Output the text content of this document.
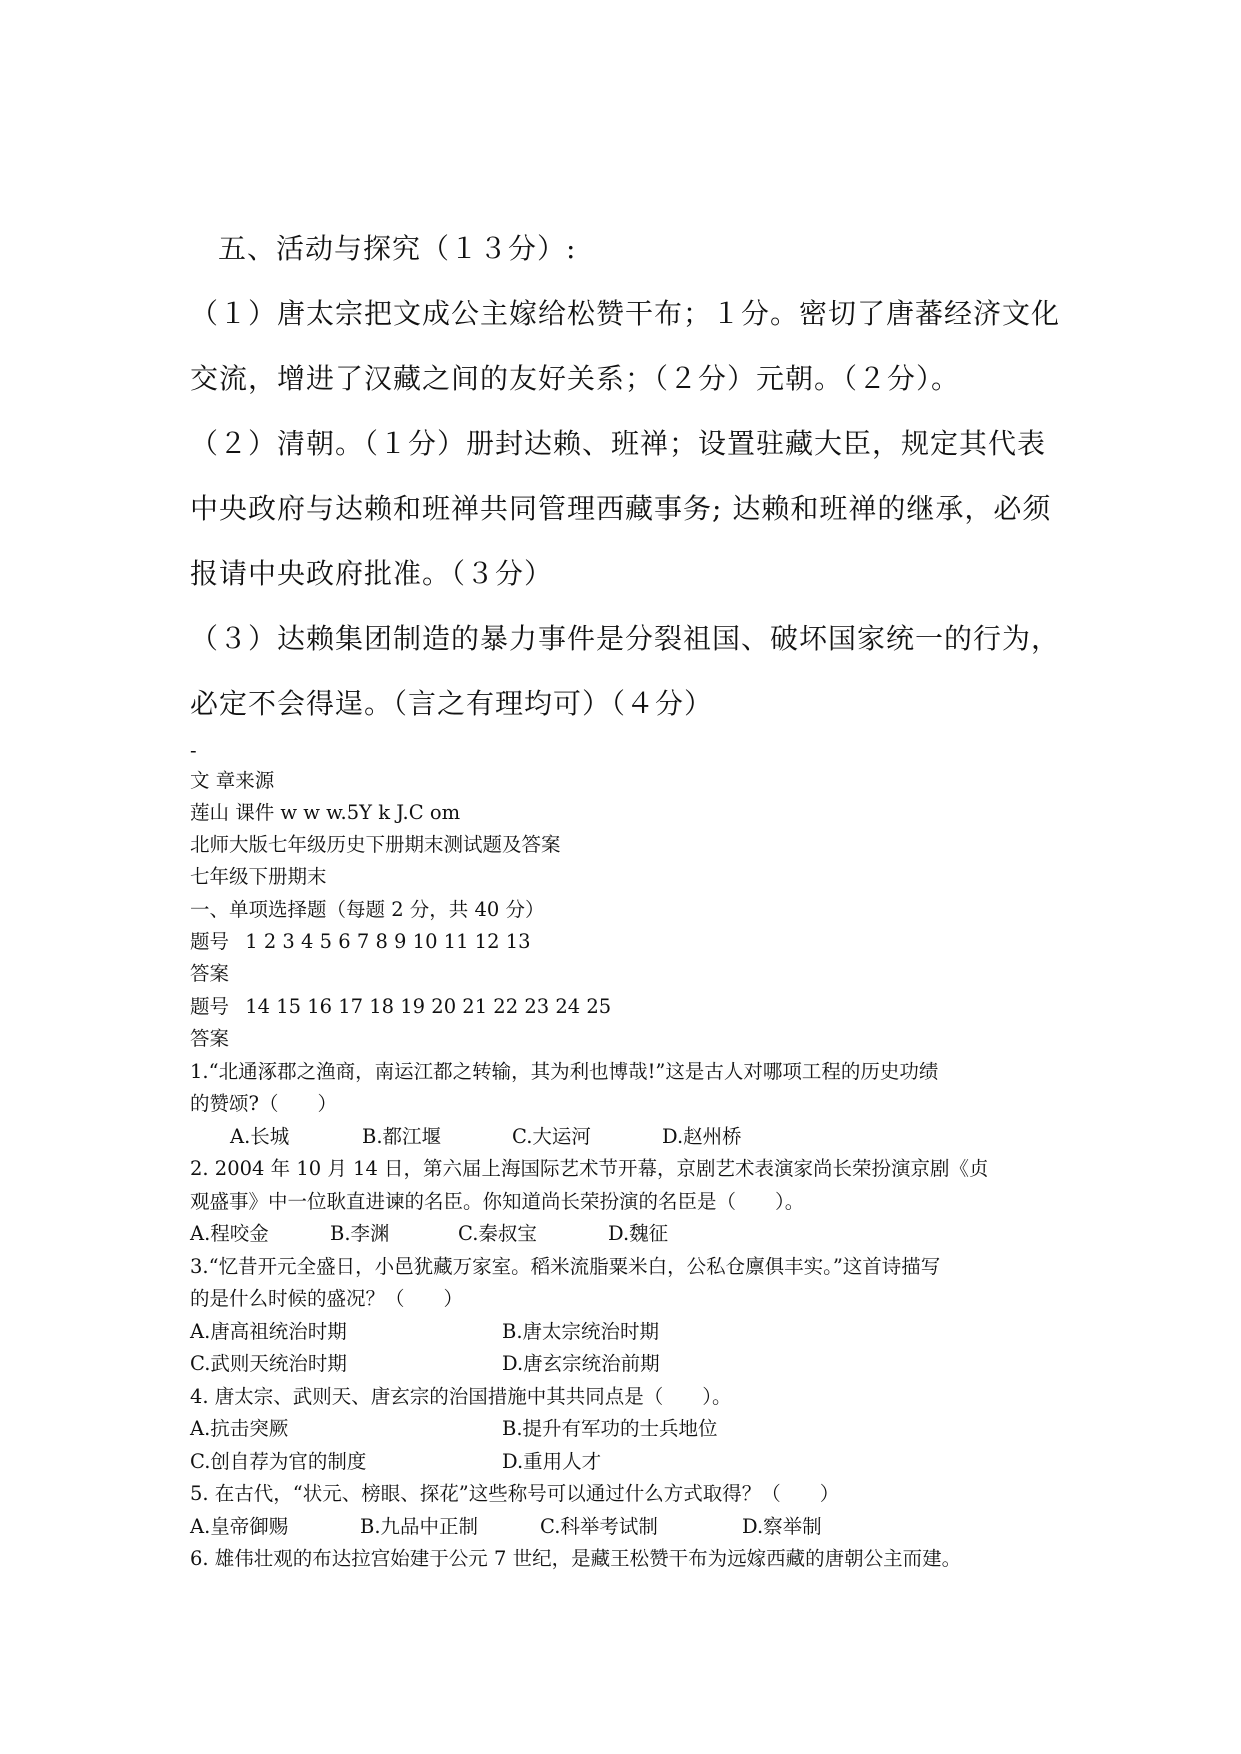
五、活动与探究（１３分）:
（１）唐太宗把文成公主嫁给松赞干布；１分。密切了唐蕃经济文化
交流，增进了汉藏之间的友好关系；（２分）元朝。（２分）。
（２）清朝。（１分）册封达赖、班禅；设置驻藏大臣，规定其代表
中央政府与达赖和班禅共同管理西藏事务; 达赖和班禅的继承，必须
报请中央政府批准。（３分）
（３）达赖集团制造的暴力事件是分裂祖国、破坏国家统一的行为，
必定不会得逞。（言之有理均可）（４分）
-
文 章来源
莲山 课件 w w w.5Y k J.C om
北师大版七年级历史下册期末测试题及答案
七年级下册期末
一、单项选择题（每题 2 分，共 40 分）
题号 1 2 3 4 5 6 7 8 9 10 11 12 13
答案
题号 14 15 16 17 18 19 20 21 22 23 24 25
答案
1.“北通涿郡之渔商，南运江都之转输，其为利也博哉!”这是古人对哪项工程的历史功绩
的赞颂?（　　）
A.长城	B.都江堰	C.大运河	D.赵州桥
2. 2004 年 10 月 14 日，第六届上海国际艺术节开幕，京剧艺术表演家尚长荣扮演京剧《贞
观盛事》中一位耿直进谏的名臣。你知道尚长荣扮演的名臣是（　　）。
A.程咬金	B.李渊	C.秦叔宝	D.魏征
3.“忆昔开元全盛日，小邑犹藏万家室。稻米流脂粟米白，公私仓廪俱丰实。”这首诗描写
的是什么时候的盛况？（　　）
A.唐高祖统治时期	B.唐太宗统治时期
C.武则天统治时期	D.唐玄宗统治前期
4. 唐太宗、武则天、唐玄宗的治国措施中其共同点是（　　）。
A.抗击突厥	B.提升有军功的士兵地位
C.创自荐为官的制度	D.重用人才
5. 在古代，“状元、榜眼、探花”这些称号可以通过什么方式取得？（　　）
A.皇帝御赐	B.九品中正制	C.科举考试制	D.察举制
6. 雄伟壮观的布达拉宫始建于公元 7 世纪，是藏王松赞干布为远嫁西藏的唐朝公主而建。
